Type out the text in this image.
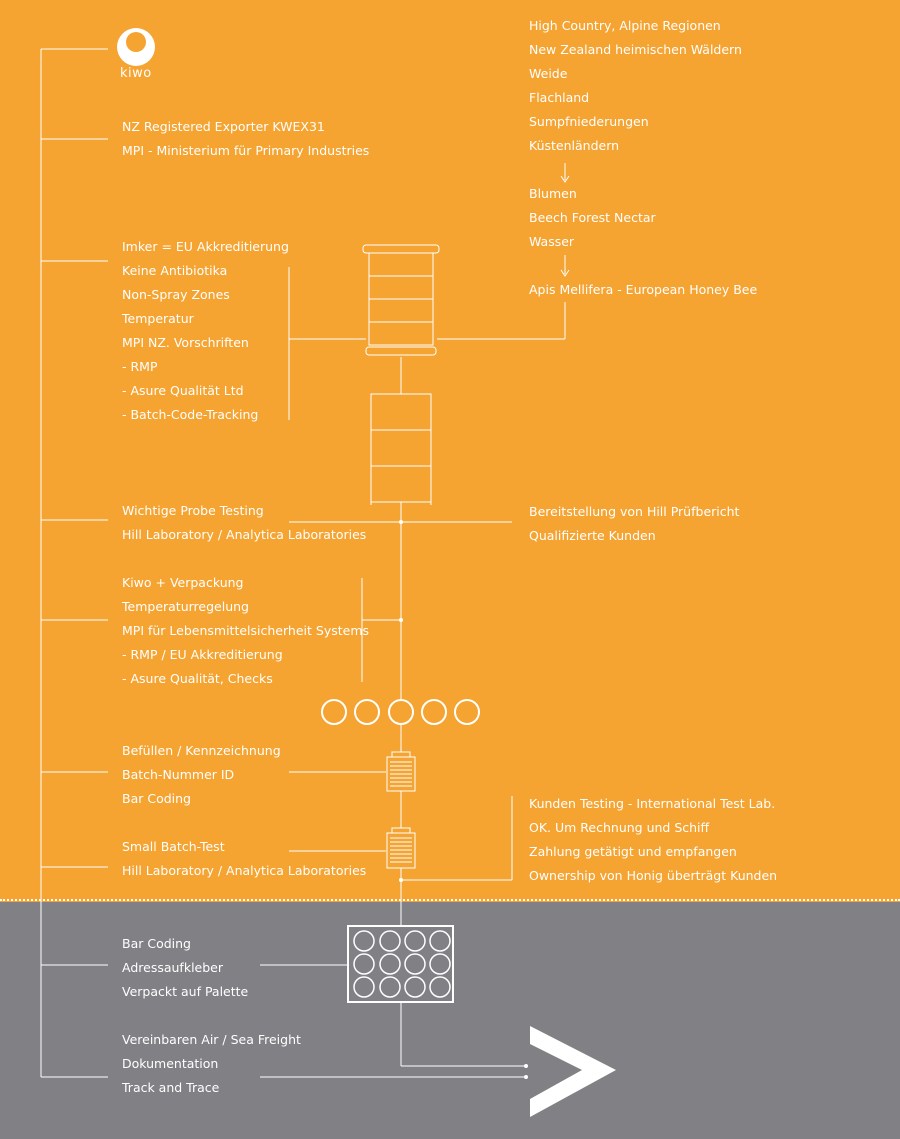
kiwo
NZ Registered Exporter KWEX31
MPI - Ministerium für Primary Industries
Imker = EU Akkreditierung
Keine Antibiotika
Non-Spray Zones
Temperatur
MPI NZ. Vorschriften
- RMP
- Asure Qualität Ltd
- Batch-Code-Tracking
Wichtige Probe Testing
Hill Laboratory / Analytica Laboratories
Kiwo + Verpackung
Temperaturregelung
MPI für Lebensmittelsicherheit Systems
- RMP / EU Akkreditierung
- Asure Qualität, Checks
Befüllen / Kennzeichnung
Batch-Nummer ID
Bar Coding
Small Batch-Test
Hill Laboratory / Analytica Laboratories
Bar Coding
Adressaufkleber
Verpackt auf Palette
Vereinbaren Air / Sea Freight
Dokumentation
Track and Trace
High Country, Alpine Regionen
New Zealand heimischen Wäldern
Weide
Flachland
Sumpfniederungen
Küstenländern
Blumen
Beech Forest Nectar
Wasser
Apis Mellifera - European Honey Bee
Bereitstellung von Hill Prüfbericht
Qualifizierte Kunden
Kunden Testing - International Test Lab.
OK. Um Rechnung und Schiff
Zahlung getätigt und empfangen
Ownership von Honig überträgt Kunden
